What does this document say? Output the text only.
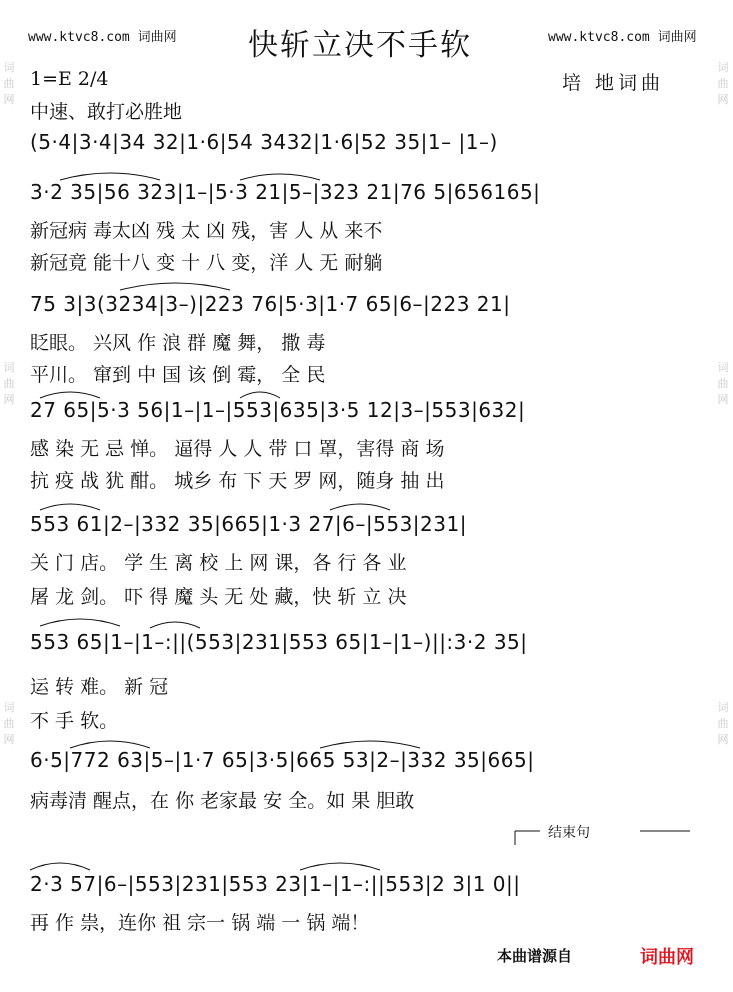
www.ktvc8.com 词曲网	www.ktvc8.com 词曲网
快斩立决不手软
1=E 2/4	培 地词曲
中速、敢打必胜地
词曲网
词曲网
词曲网
词曲网
词曲网
词曲网
(5·4|3·4|34 32|1·6|54 3432|1·6|52 35|1– |1–)
3·2 35|56 323|1–|5·3 21|5–|323 21|76 5|656165|
新冠病 毒太凶 残 太 凶 残，害 人 从 来不
新冠竟 能十八 变 十 八 变，洋 人 无 耐躺
75 3|3(3234|3–)|223 76|5·3|1·7 65|6–|223 21|
眨眼。 兴风 作 浪 群 魔 舞， 撒 毒
平川。 窜到 中 国 该 倒 霉， 全 民
27 65|5·3 56|1–|1–|553|635|3·5 12|3–|553|632|
感 染 无 忌 惮。 逼得 人 人 带 口 罩，害得 商 场
抗 疫 战 犹 酣。 城乡 布 下 天 罗 网，随身 抽 出
553 61|2–|332 35|665|1·3 27|6–|553|231|
关 门 店。 学 生 离 校 上 网 课，各 行 各 业
屠 龙 剑。 吓 得 魔 头 无 处 藏，快 斩 立 决
553 65|1–|1–:||(553|231|553 65|1–|1–)||:3·2 35|
运 转 难。 新 冠
不 手 软。
6·5|772 63|5–|1·7 65|3·5|665 53|2–|332 35|665|
病毒清 醒点，在 你 老家最 安 全。如 果 胆敢
结束句
2·3 57|6–|553|231|553 23|1–|1–:||553|2 3|1 0||
再 作 祟，连你 祖 宗一 锅 端 一 锅 端！
本曲谱源自	词曲网
